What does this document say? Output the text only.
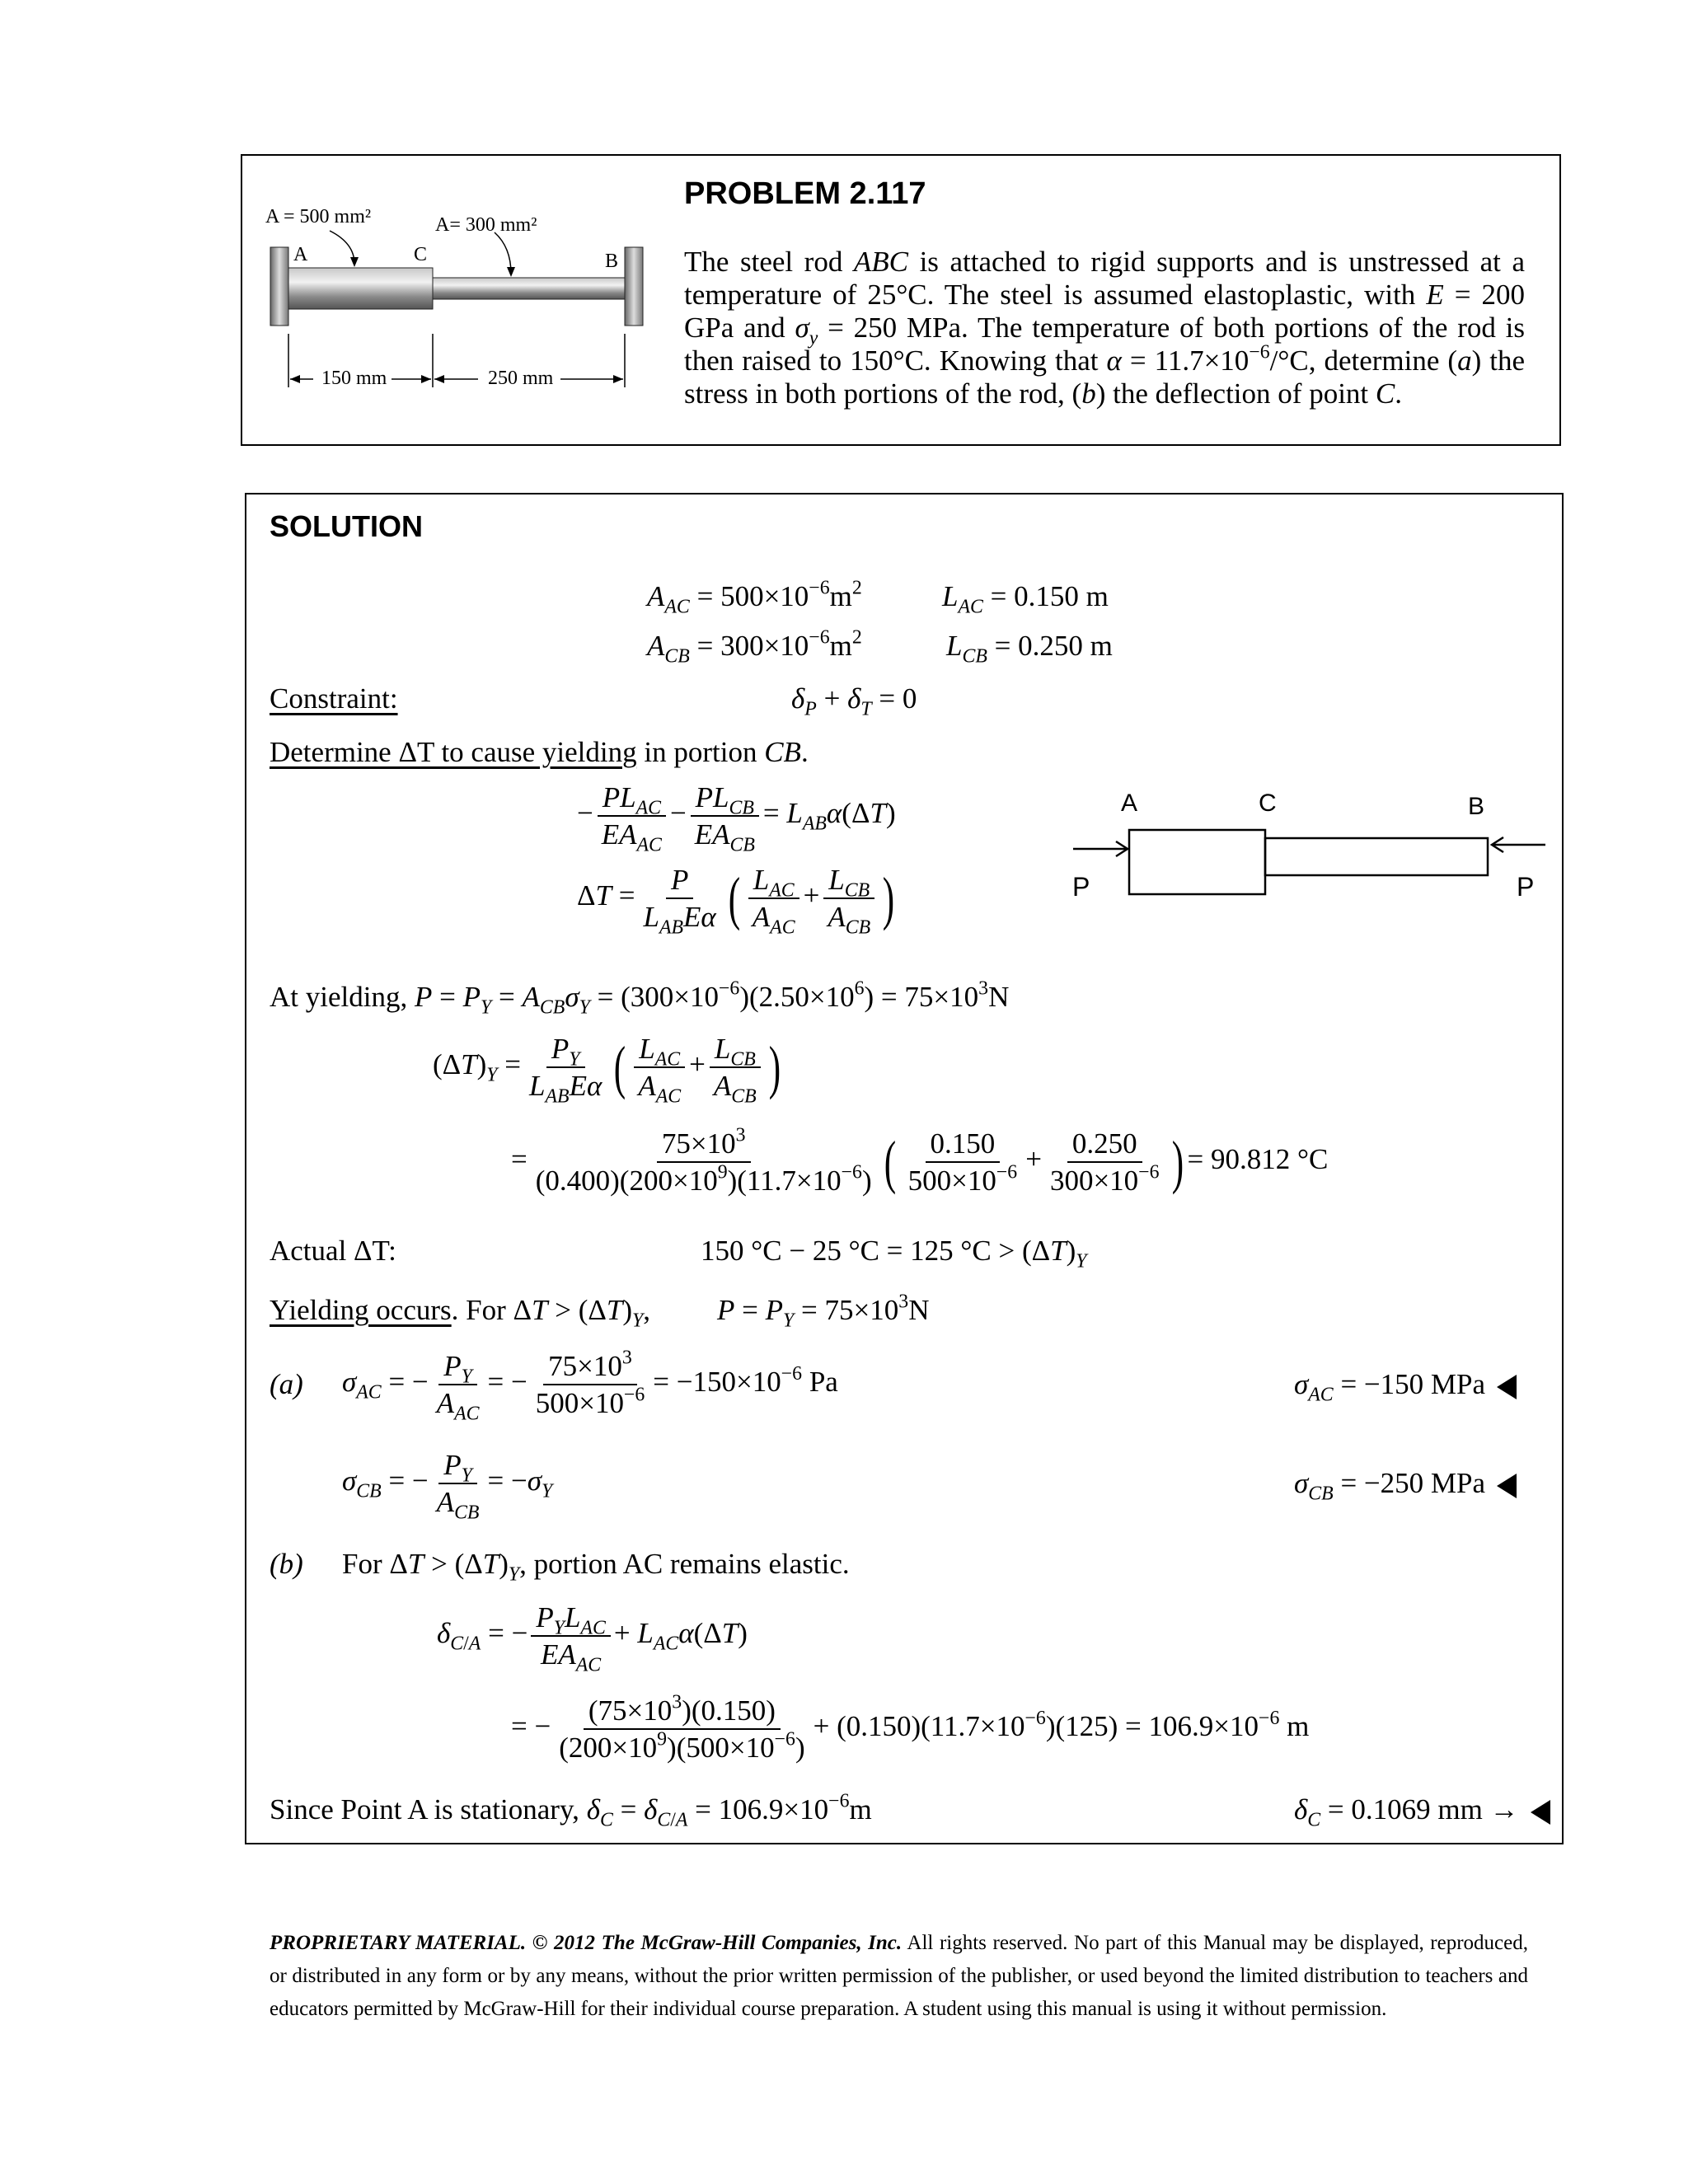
A = 500 mm²	A= 300 mm²
A	C	B
150 mm	250 mm
PROBLEM 2.117
The steel rod ABC is attached to rigid supports and is unstressed at a temperature of 25°C. The steel is assumed elastoplastic, with E = 200 GPa and $\sigma_y = 250$ MPa. The temperature of both portions of the rod is then raised to 150°C. Knowing that $\alpha = 11.7\times 10^{-6}/^\circ C$, determine (a) the stress in both portions of the rod, (b) the deflection of point C.
SOLUTION
$A_{AC} = 500\times 10^{-6}m^2$	$L_{AC} = 0.150$ m
$A_{CB} = 300\times 10^{-6}m^2$	$L_{CB} = 0.250$ m
Constraint:	$\delta_P + \delta_T = 0$
Determine ΔT to cause yielding in portion CB.
− $\frac{PL_{AC}}{EA_{AC}} - \frac{PL_{CB}}{EA_{CB}} = L_{AB}\alpha(\Delta T)$
$\Delta T = \frac{P}{L_{AB}E\alpha}$ ( $\frac{L_{AC}}{A_{AC}} + \frac{L_{CB}}{A_{CB}}$ )
A	C	B
P	P
At yielding, $P = P_Y = A_{CB}\sigma_Y = (300\times 10^{-6})(2.50\times 10^6) = 75\times 10^3N$
$(\Delta T)_Y = \frac{P_Y}{L_{AB}E\alpha}$ ( $\frac{L_{AC}}{A_{AC}} + \frac{L_{CB}}{A_{CB}}$ )
= $\frac{75\times 10^3}{(0.400)(200\times 10^9)(11.7\times 10^{-6})}$ ( $\frac{0.150}{500\times 10^{-6}} + \frac{0.250}{300\times 10^{-6}}$ ) = 90.812 °C
Actual ΔT:	150 °C − 25 °C = 125 $^\circ C > (\Delta T)_Y$
Yielding occurs. For $\Delta T > (\Delta T)_Y$, $P = P_Y = 75\times 10^3N$
(a) $\sigma_{AC}$ = − $\frac{P_Y}{A_{AC}}$ = − $\frac{75\times 10^3}{500\times 10^{-6}} = -150\times 10^{-6}$ Pa	$\sigma_{AC} = -150$ MPa
$\sigma_{CB}$ = − $\frac{P_Y}{A_{CB}} = -\sigma_Y$	$\sigma_{CB} = -250$ MPa
(b) For $\Delta T > (\Delta T)_Y$, portion AC remains elastic.
$\delta_{C/A}$ = − $\frac{P_YL_{AC}}{EA_{AC}} + L_{AC}\alpha(\Delta T)$
= − $\frac{(75\times 10^3)(0.150)}{(200\times 10^9)(500\times 10^{-6})} + (0.150)(11.7\times 10^{-6})(125) = 106.9\times 10^{-6}$ m
Since Point A is stationary, $\delta_C = \delta_{C/A} = 106.9\times 10^{-6}m$	$\delta_C = 0.1069$ mm →
PROPRIETARY MATERIAL. © 2012 The McGraw-Hill Companies, Inc. All rights reserved. No part of this Manual may be displayed, reproduced, or distributed in any form or by any means, without the prior written permission of the publisher, or used beyond the limited distribution to teachers and educators permitted by McGraw-Hill for their individual course preparation. A student using this manual is using it without permission.
